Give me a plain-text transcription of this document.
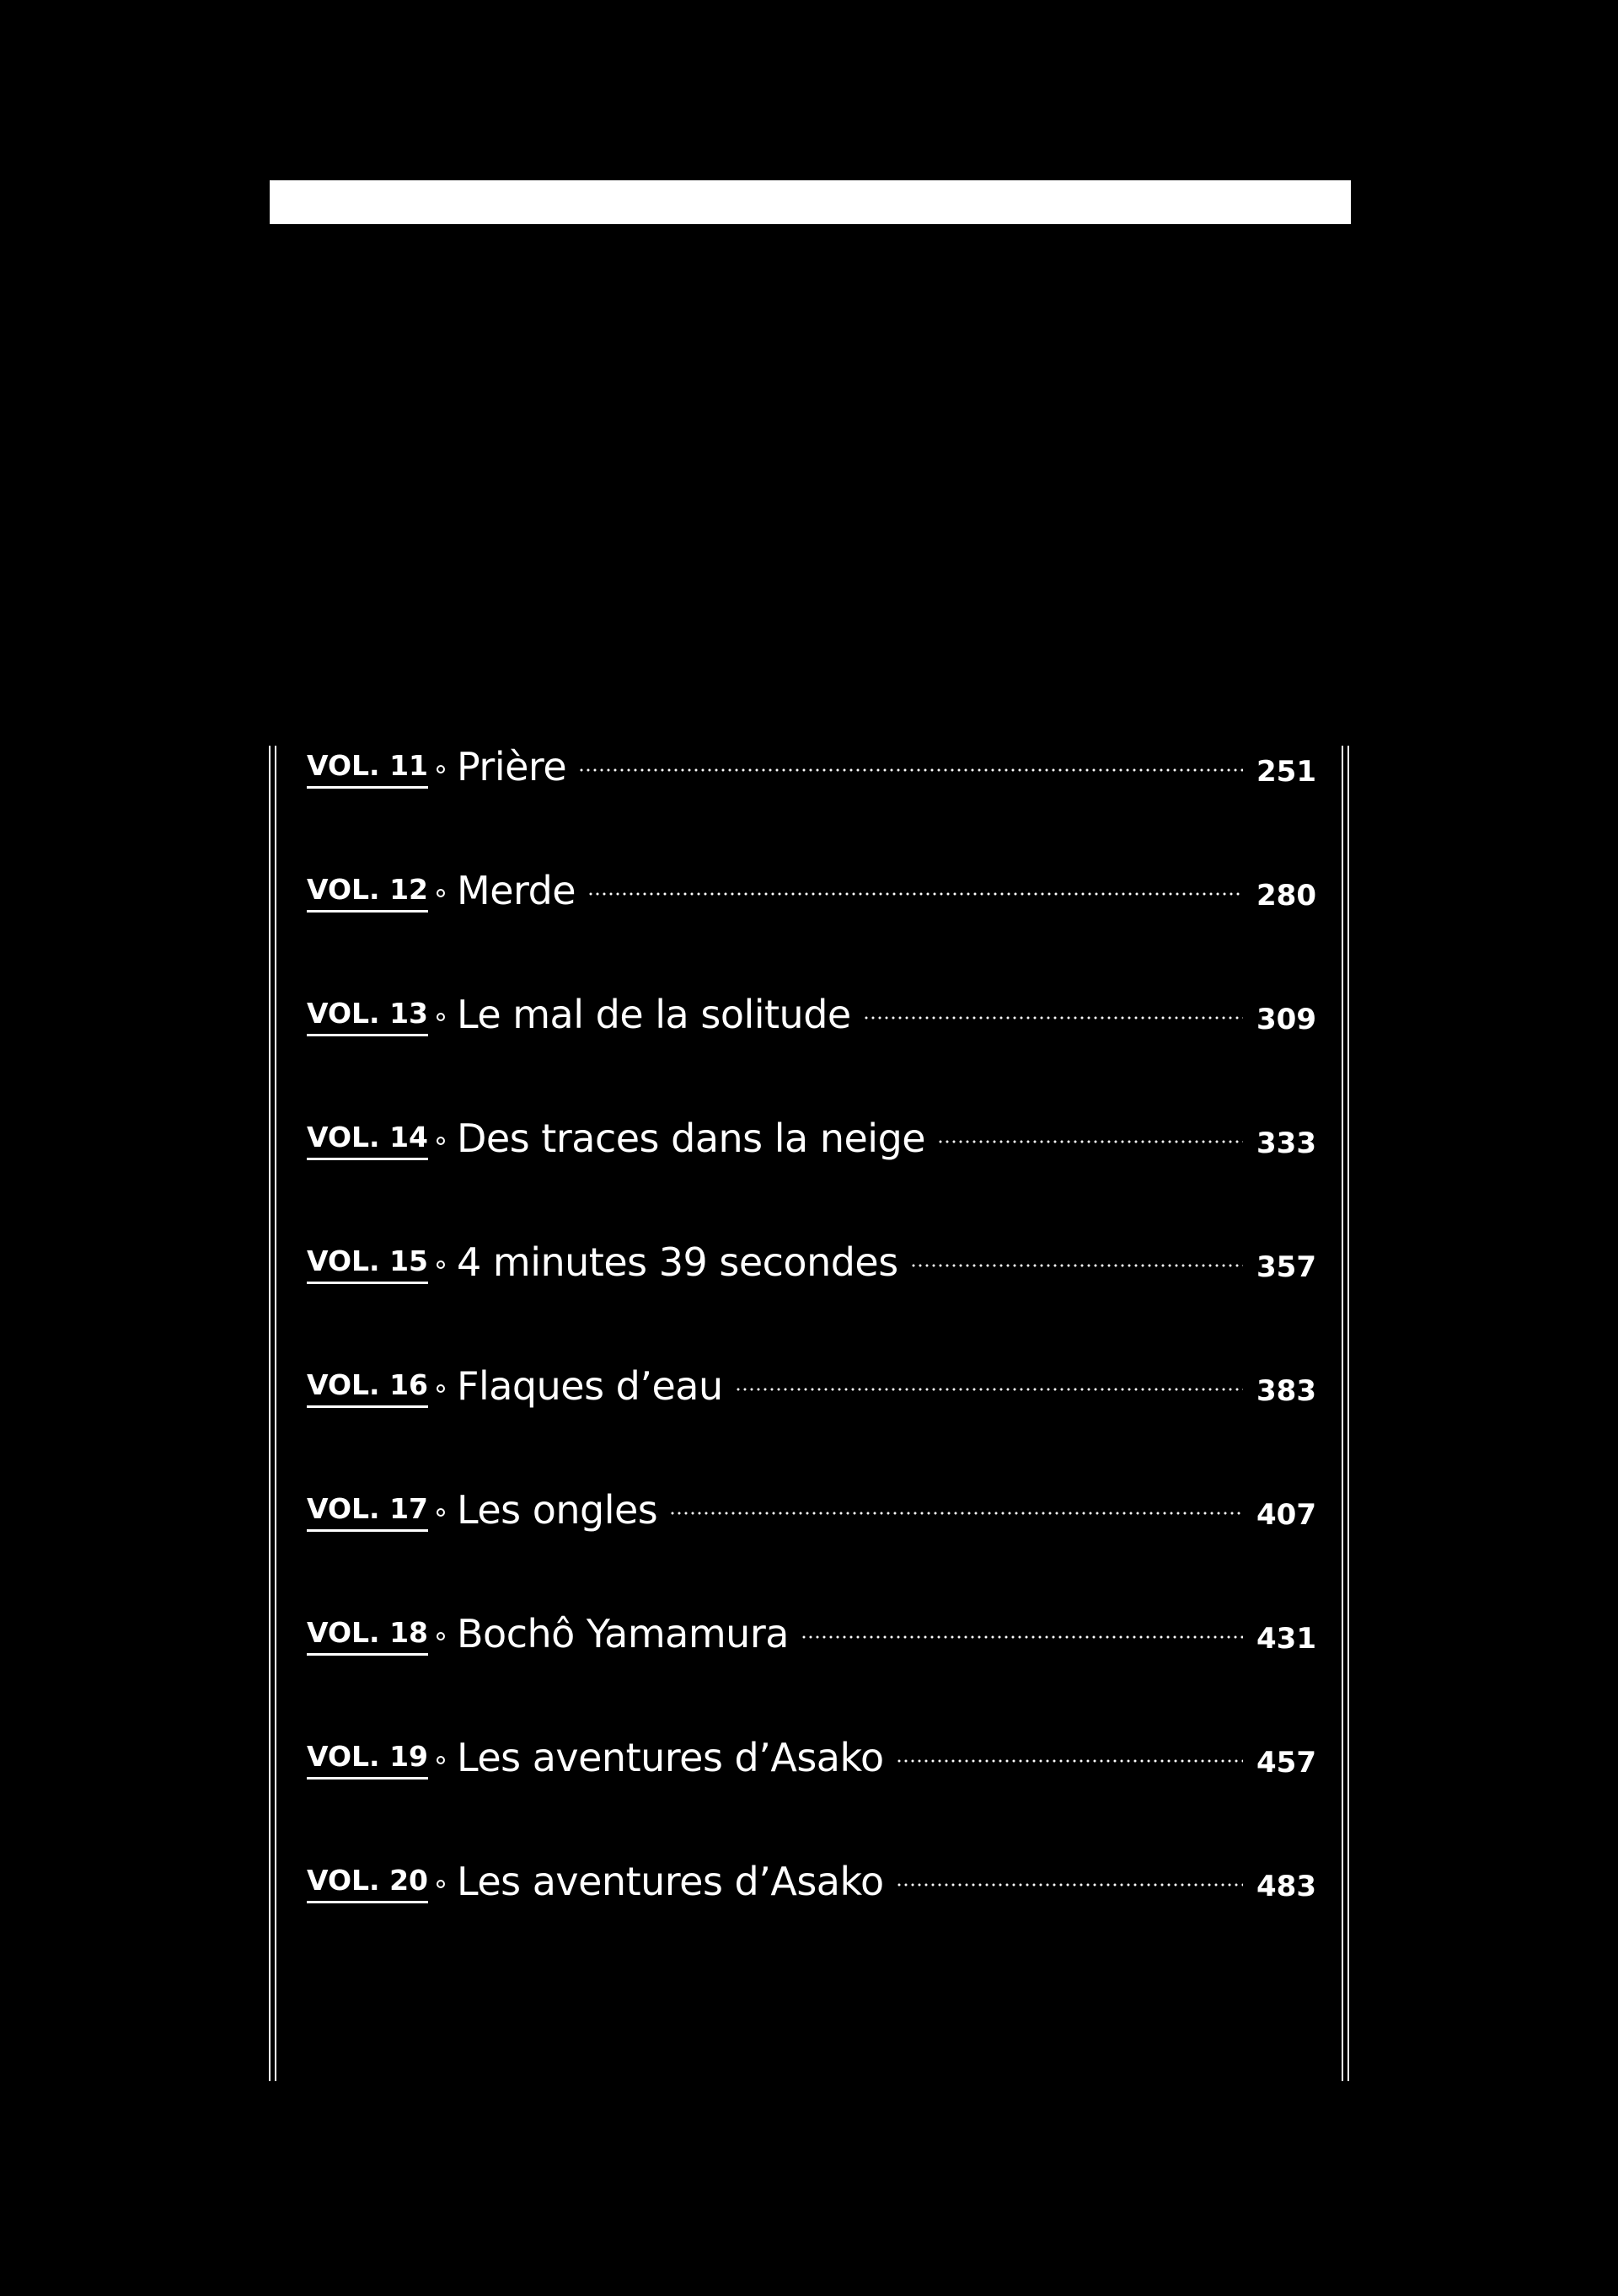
VOL. 11 Prière	251
VOL. 12 Merde	280
VOL. 13 Le mal de la solitude	309
VOL. 14 Des traces dans la neige	333
VOL. 15 4 minutes 39 secondes	357
VOL. 16 Flaques d’eau	383
VOL. 17 Les ongles	407
VOL. 18 Bochô Yamamura	431
VOL. 19 Les aventures d’Asako	457
VOL. 20 Les aventures d’Asako	483
